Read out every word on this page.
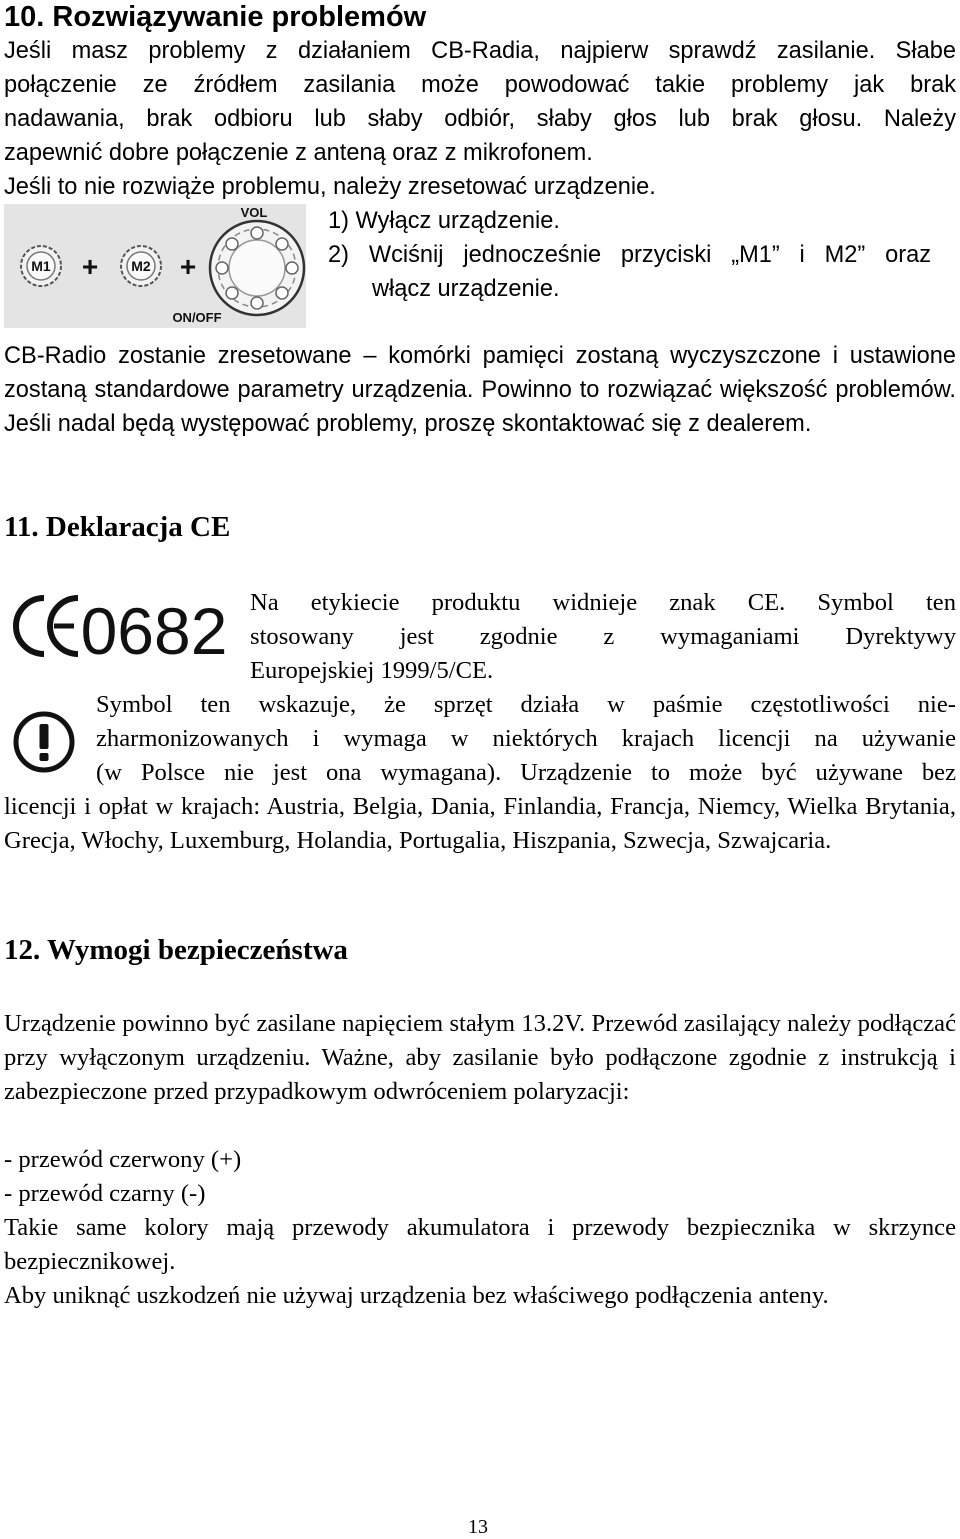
10. Rozwiązywanie problemów
Jeśli masz problemy z działaniem CB-Radia, najpierw sprawdź zasilanie. Słabe
połączenie ze źródłem zasilania może powodować takie problemy jak brak
nadawania, brak odbioru lub słaby odbiór, słaby głos lub brak głosu. Należy
zapewnić dobre połączenie z anteną oraz z mikrofonem.
Jeśli to nie rozwiąże problemu, należy zresetować urządzenie.
M1 + M2 +
VOL
ON/OFF
1) Wyłącz urządzenie.
2) Wciśnij jednocześnie przyciski „M1” i M2” oraz
włącz urządzenie.

CB-Radio zostanie zresetowane – komórki pamięci zostaną wyczyszczone i ustawione zostaną standardowe parametry urządzenia. Powinno to rozwiązać większość problemów. Jeśli nadal będą występować problemy, proszę skontaktować się z dealerem.

11. Deklaracja CE
0682 Na etykiecie produktu widnieje znak CE. Symbol ten
stosowany jest zgodnie z wymaganiami Dyrektywy
Europejskiej 1999/5/CE.
Symbol ten wskazuje, że sprzęt działa w paśmie częstotliwości nie-
zharmonizowanych i wymaga w niektórych krajach licencji na używanie
(w Polsce nie jest ona wymagana). Urządzenie to może być używane bez

licencji i opłat w krajach: Austria, Belgia, Dania, Finlandia, Francja, Niemcy, Wielka Brytania, Grecja, Włochy, Luxemburg, Holandia, Portugalia, Hiszpania, Szwecja, Szwajcaria.

12. Wymogi bezpieczeństwa

Urządzenie powinno być zasilane napięciem stałym 13.2V. Przewód zasilający należy podłączać przy wyłączonym urządzeniu. Ważne, aby zasilanie było podłączone zgodnie z instrukcją i zabezpieczone przed przypadkowym odwróceniem polaryzacji:

- przewód czerwony (+)
- przewód czarny (-)

Takie same kolory mają przewody akumulatora i przewody bezpiecznika w skrzynce bezpiecznikowej.

Aby uniknąć uszkodzeń nie używaj urządzenia bez właściwego podłączenia anteny.

13
